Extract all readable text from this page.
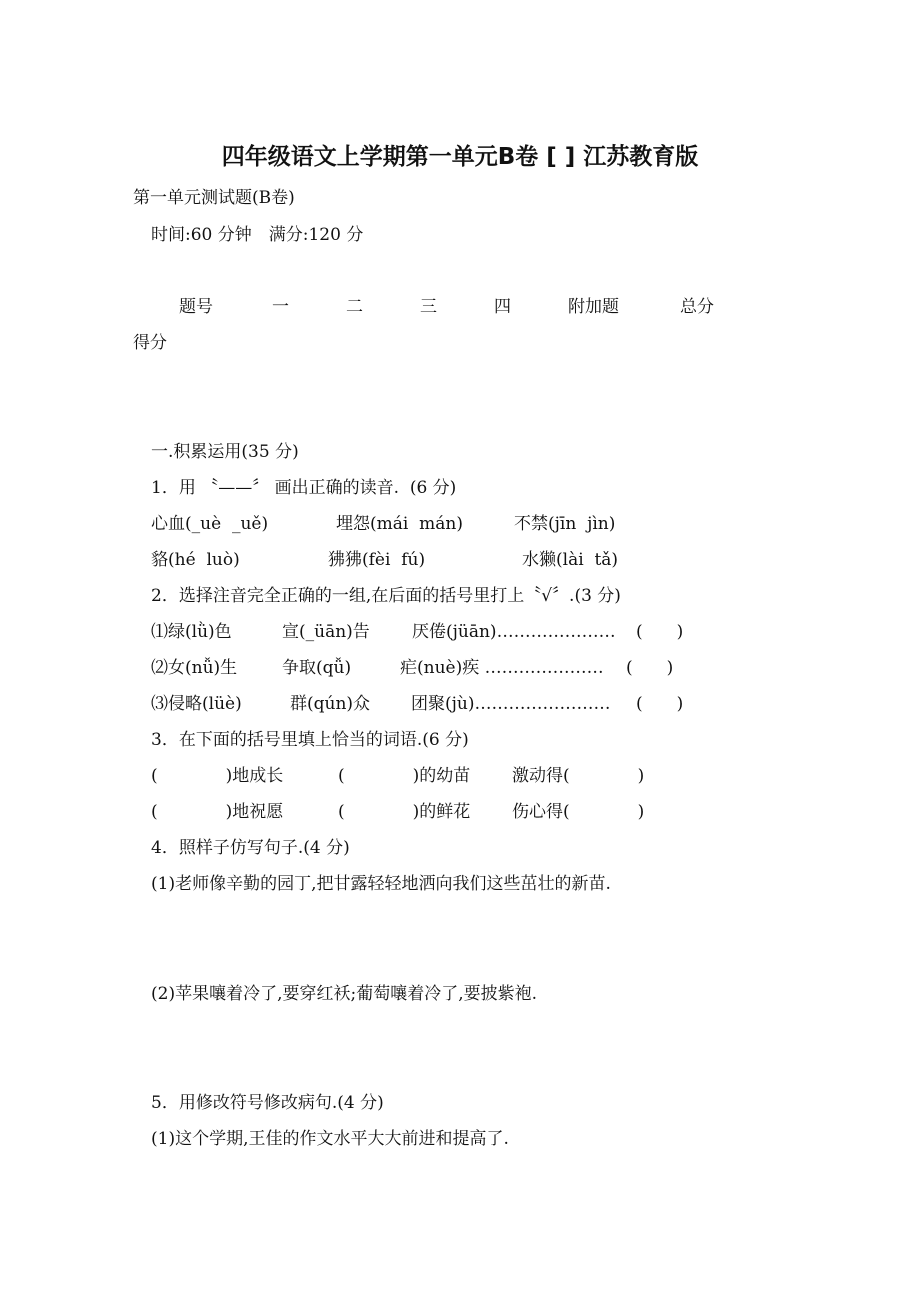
四年级语文上学期第一单元B卷 [ ] 江苏教育版
第一单元测试题(B卷)
时间:60 分钟　满分:120 分
题号	一	二	三	四	附加题	总分
得分
一.积累运用(35 分)
1．用 〝——〞 画出正确的读音.  (6 分)
心血(_uè  _uě)	埋怨(mái  mán)	不禁(jīn  jìn)
貉(hé  luò)	狒狒(fèi  fú)	水獭(lài  tǎ)
2．选择注音完全正确的一组,在后面的括号里打上〝√〞.(3 分)
⑴绿(lǜ)色	宣(_üān)告 厌倦(jüān)………………… (　　)
⑵女(nǚ)生	争取(qǚ)	疟(nuè)疾 ………………… (　　)
⑶侵略(lüè)	群(qún)众 团聚(jù)…………………… (　　)
3．在下面的括号里填上恰当的词语.(6 分)
(　　　　)地成长	(　　　　)的幼苗 激动得(　　　　)
(　　　　)地祝愿	(　　　　)的鲜花 伤心得(　　　　)
4．照样子仿写句子.(4 分)
(1)老师像辛勤的园丁,把甘露轻轻地洒向我们这些茁壮的新苗.
(2)苹果嚷着冷了,要穿红袄;葡萄嚷着冷了,要披紫袍.
5．用修改符号修改病句.(4 分)
(1)这个学期,王佳的作文水平大大前进和提高了.
